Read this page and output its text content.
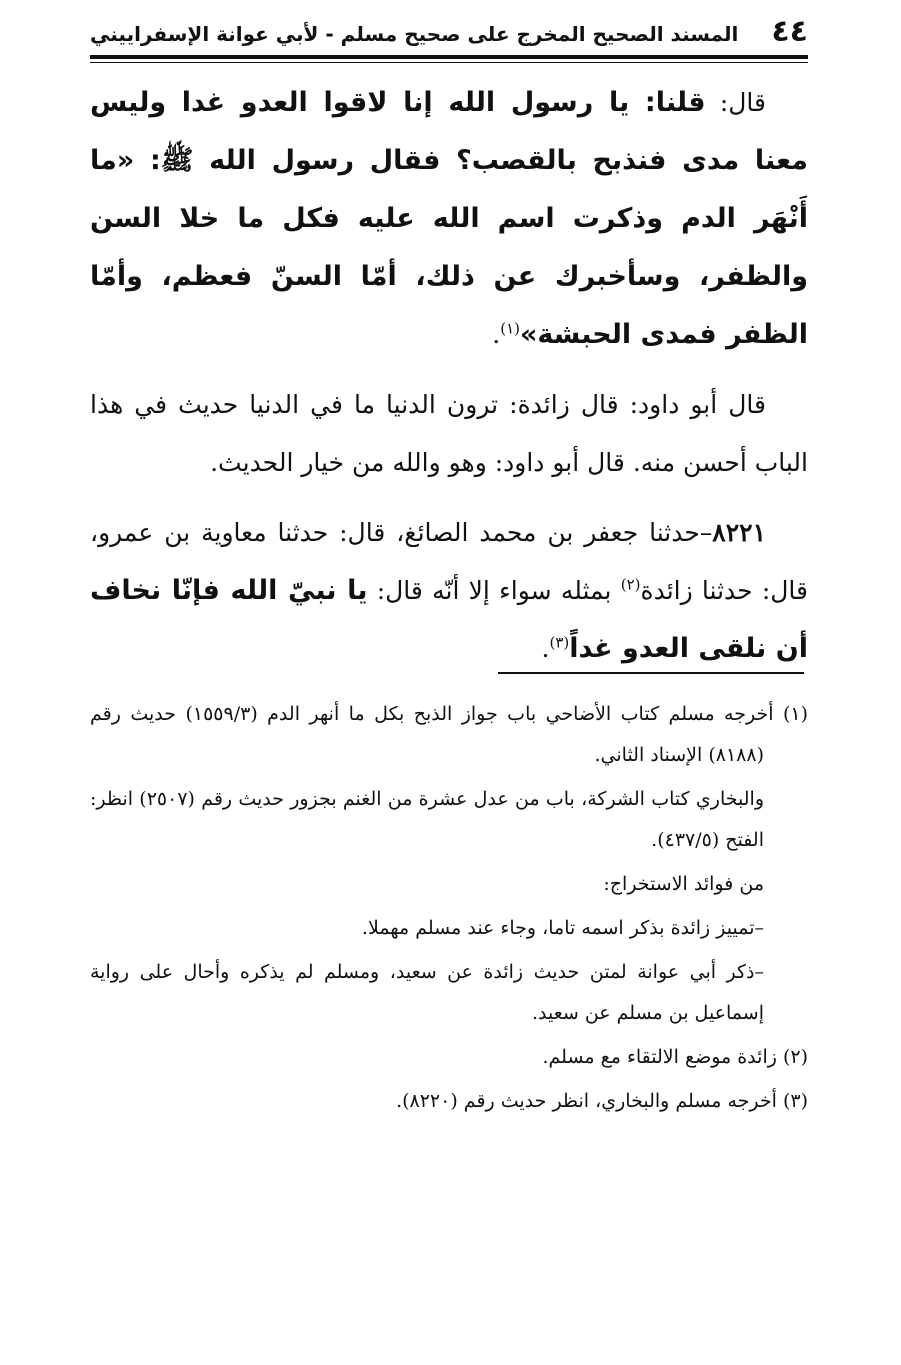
٤٤
المسند الصحيح المخرج على صحيح مسلم - لأبي عوانة الإسفراييني

قال: قلنا: يا رسول الله إنا لاقوا العدو غدا وليس معنا مدى فنذبح بالقصب؟ فقال رسول الله ﷺ: «ما أَنْهَر الدم وذكرت اسم الله عليه فكل ما خلا السن والظفر، وسأخبرك عن ذلك، أمّا السنّ فعظم، وأمّا الظفر فمدى الحبشة»$^{(١)}$.

قال أبو داود: قال زائدة: ترون الدنيا ما في الدنيا حديث في هذا الباب أحسن منه. قال أبو داود: وهو والله من خيار الحديث.

٨٢٢١–حدثنا جعفر بن محمد الصائغ، قال: حدثنا معاوية بن عمرو، قال: حدثنا زائدة$^{(٢)}$ بمثله سواء إلا أنّه قال: يا نبيّ الله فإنّا نخاف أن نلقى العدو غداً$^{(٣)}$.

(١) أخرجه مسلم كتاب الأضاحي باب جواز الذبح بكل ما أنهر الدم (١٥٥٩/٣) حديث رقم (٨١٨٨) الإسناد الثاني.

والبخاري كتاب الشركة، باب من عدل عشرة من الغنم بجزور حديث رقم (٢٥٠٧) انظر: الفتح (٤٣٧/٥).

من فوائد الاستخراج:

–تمييز زائدة بذكر اسمه تاما، وجاء عند مسلم مهملا.

–ذكر أبي عوانة لمتن حديث زائدة عن سعيد، ومسلم لم يذكره وأحال على رواية إسماعيل بن مسلم عن سعيد.

(٢) زائدة موضع الالتقاء مع مسلم.

(٣) أخرجه مسلم والبخاري، انظر حديث رقم (٨٢٢٠).
